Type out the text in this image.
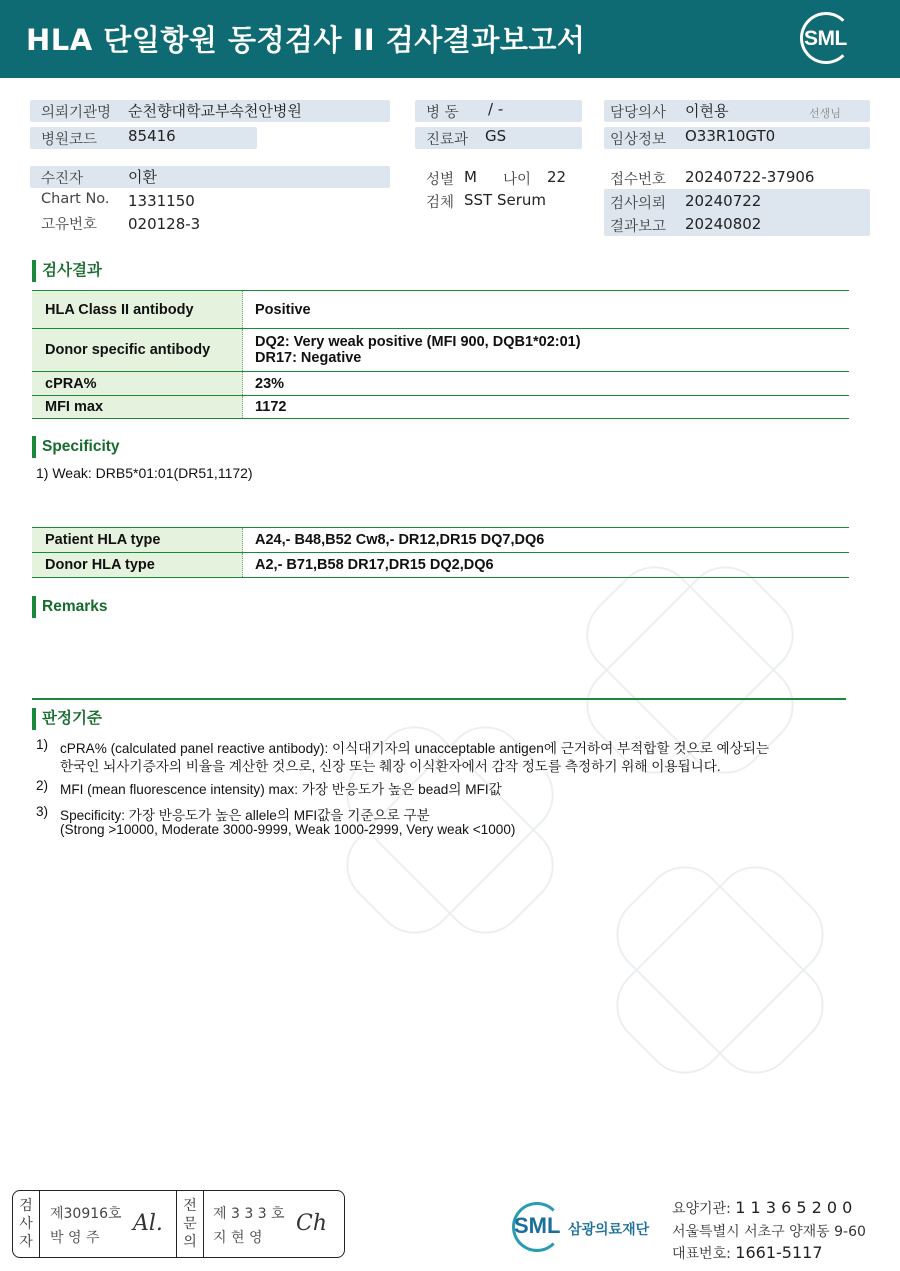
HLA 단일항원 동정검사 II 검사결과보고서	SML
의뢰기관명 순천향대학교부속천안병원
병원코드 85416
수진자	이환
Chart No. 1331150
고유번호 020128-3
병 동 / -
진료과 GS
성별 M 나이 22
검체 SST Serum
담당의사 이현용	선생님
임상정보 O33R10GT0
접수번호 20240722-37906
검사의뢰 20240722
결과보고 20240802
검사결과
HLA Class II antibody	Positive
Donor specific antibody	DQ2: Very weak positive (MFI 900, DQB1*02:01)
DR17: Negative
cPRA%	23%
MFI max	1172
Specificity
1) Weak: DRB5*01:01(DR51,1172)
Patient HLA type	A24,- B48,B52 Cw8,- DR12,DR15 DQ7,DQ6
Donor HLA type	A2,- B71,B58 DR17,DR15 DQ2,DQ6
Remarks
판정기준
1) cPRA% (calculated panel reactive antibody): 이식대기자의 unacceptable antigen에 근거하여 부적합할 것으로 예상되는
한국인 뇌사기증자의 비율을 계산한 것으로, 신장 또는 췌장 이식환자에서 감작 정도를 측정하기 위해 이용됩니다.
2) MFI (mean fluorescence intensity) max: 가장 반응도가 높은 bead의 MFI값
3) Specificity: 가장 반응도가 높은 allele의 MFI값을 기준으로 구분
(Strong >10000, Moderate 3000-9999, Weak 1000-2999, Very weak <1000)
검
사
자
제30916호
박 영 주
Al.
전
문
의
제 3 3 3 호
지 현 영
Ch	SML 삼광의료재단
요양기관: 1 1 3 6 5 2 0 0
서울특별시 서초구 양재동 9-60
대표번호: 1661-5117
